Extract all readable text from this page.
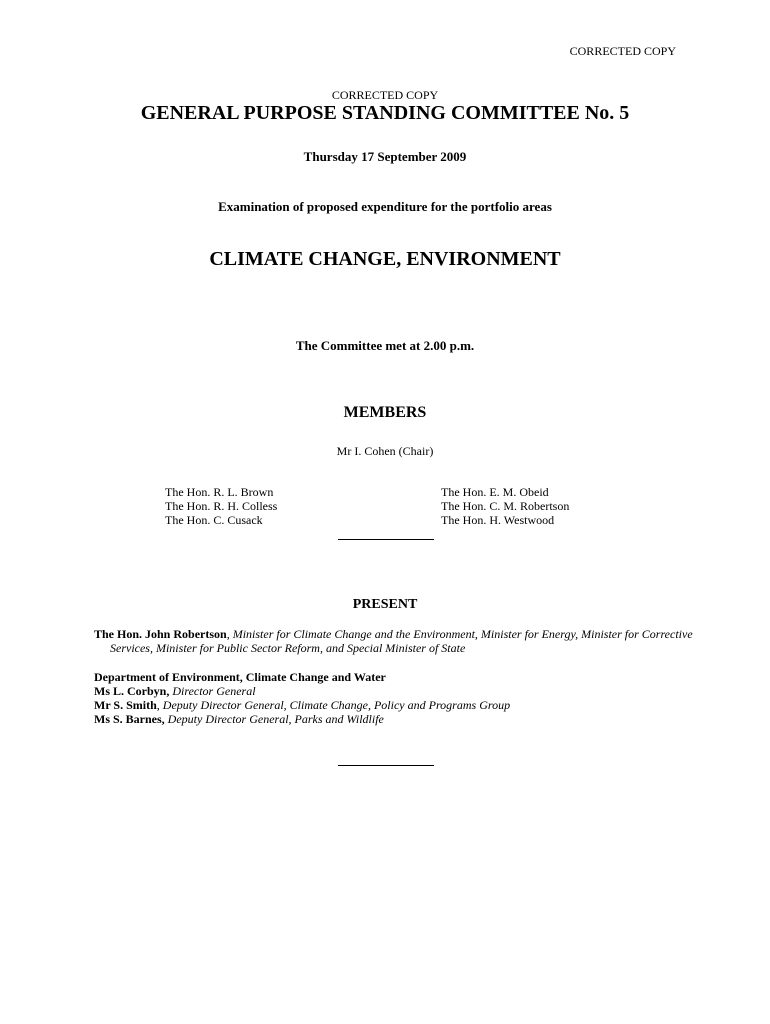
CORRECTED COPY
CORRECTED COPY
GENERAL PURPOSE STANDING COMMITTEE No. 5
Thursday 17 September 2009
Examination of proposed expenditure for the portfolio areas
CLIMATE CHANGE, ENVIRONMENT
The Committee met at 2.00 p.m.
MEMBERS
Mr I. Cohen (Chair)
The Hon. R. L. Brown
The Hon. R. H. Colless
The Hon. C. Cusack
The Hon. E. M. Obeid
The Hon. C. M. Robertson
The Hon. H. Westwood
PRESENT
The Hon. John Robertson, Minister for Climate Change and the Environment, Minister for Energy, Minister for Corrective Services, Minister for Public Sector Reform, and Special Minister of State
Department of Environment, Climate Change and Water
Ms L. Corbyn, Director General
Mr S. Smith, Deputy Director General, Climate Change, Policy and Programs Group
Ms S. Barnes, Deputy Director General, Parks and Wildlife
